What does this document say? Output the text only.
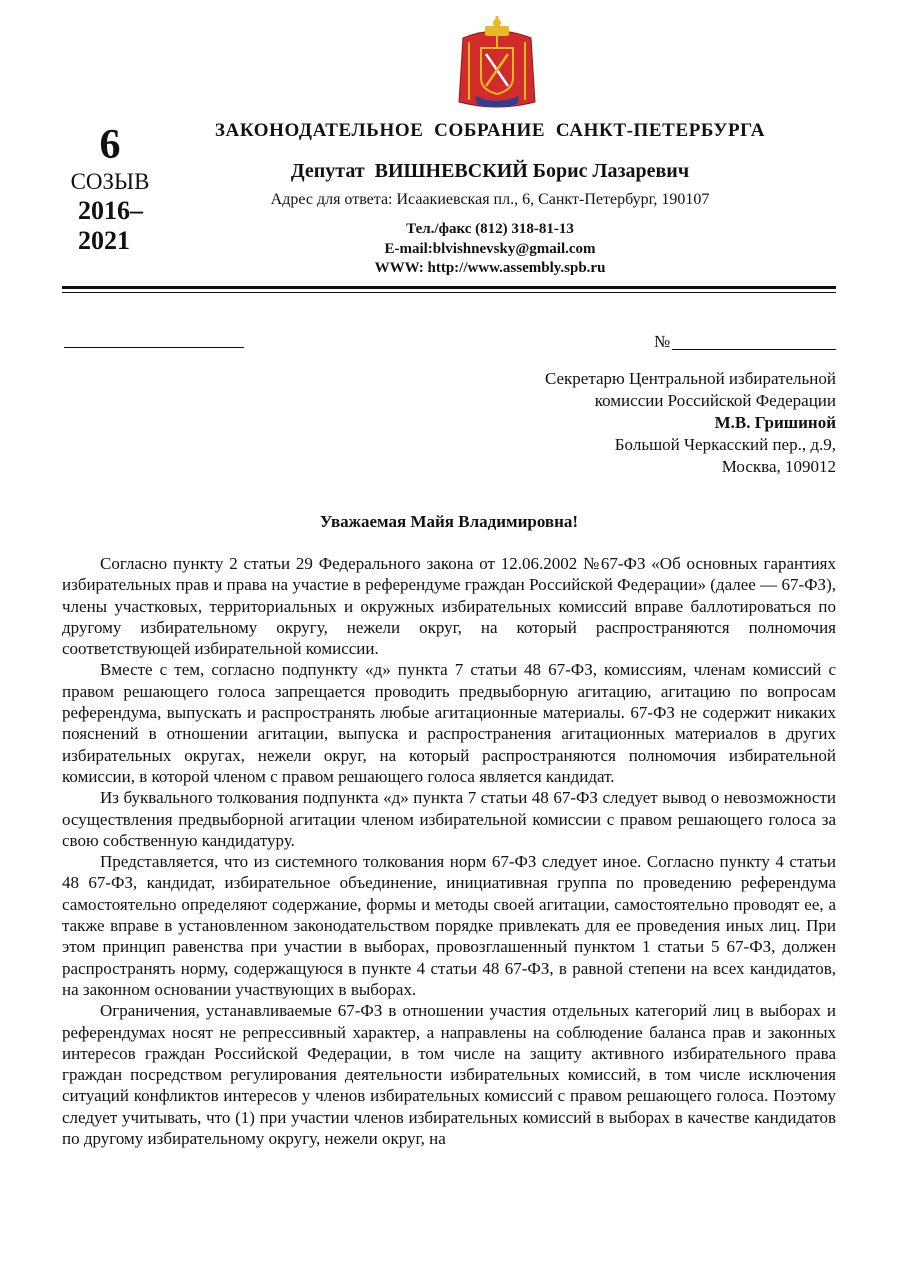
6
СОЗЫВ
2016–
2021
ЗАКОНОДАТЕЛЬНОЕ  СОБРАНИЕ  САНКТ-ПЕТЕРБУРГА
Депутат  ВИШНЕВСКИЙ Борис Лазаревич
Адрес для ответа: Исаакиевская пл., 6, Санкт-Петербург, 190107
Тел./факс (812) 318-81-13
E-mail:blvishnevsky@gmail.com
WWW: http://www.assembly.spb.ru
№
Секретарю Центральной избирательной
комиссии Российской Федерации
М.В. Гришиной
Большой Черкасский пер., д.9,
Москва, 109012
Уважаемая Майя Владимировна!

Согласно пункту 2 статьи 29 Федерального закона от 12.06.2002 №67-ФЗ «Об основных гарантиях избирательных прав и права на участие в референдуме граждан Российской Федерации» (далее — 67-ФЗ), члены участковых, территориальных и окружных избирательных комиссий вправе баллотироваться по другому избирательному округу, нежели округ, на который распространяются полномочия соответствующей избирательной комиссии.

Вместе с тем, согласно подпункту «д» пункта 7 статьи 48 67-ФЗ, комиссиям, членам комиссий с правом решающего голоса запрещается проводить предвыборную агитацию, агитацию по вопросам референдума, выпускать и распространять любые агитационные материалы. 67-ФЗ не содержит никаких пояснений в отношении агитации, выпуска и распространения агитационных материалов в других избирательных округах, нежели округ, на который распространяются полномочия избирательной комиссии, в которой членом с правом решающего голоса является кандидат.

Из буквального толкования подпункта «д» пункта 7 статьи 48 67-ФЗ следует вывод о невозможности осуществления предвыборной агитации членом избирательной комиссии с правом решающего голоса за свою собственную кандидатуру.

Представляется, что из системного толкования норм 67-ФЗ следует иное. Согласно пункту 4 статьи 48 67-ФЗ, кандидат, избирательное объединение, инициативная группа по проведению референдума самостоятельно определяют содержание, формы и методы своей агитации, самостоятельно проводят ее, а также вправе в установленном законодательством порядке привлекать для ее проведения иных лиц. При этом принцип равенства при участии в выборах, провозглашенный пунктом 1 статьи 5 67-ФЗ, должен распространять норму, содержащуюся в пункте 4 статьи 48 67-ФЗ, в равной степени на всех кандидатов, на законном основании участвующих в выборах.

Ограничения, устанавливаемые 67-ФЗ в отношении участия отдельных категорий лиц в выборах и референдумах носят не репрессивный характер, а направлены на соблюдение баланса прав и законных интересов граждан Российской Федерации, в том числе на защиту активного избирательного права граждан посредством регулирования деятельности избирательных комиссий, в том числе исключения ситуаций конфликтов интересов у членов избирательных комиссий с правом решающего голоса. Поэтому следует учитывать, что (1) при участии членов избирательных комиссий в выборах в качестве кандидатов по другому избирательному округу, нежели округ, на
